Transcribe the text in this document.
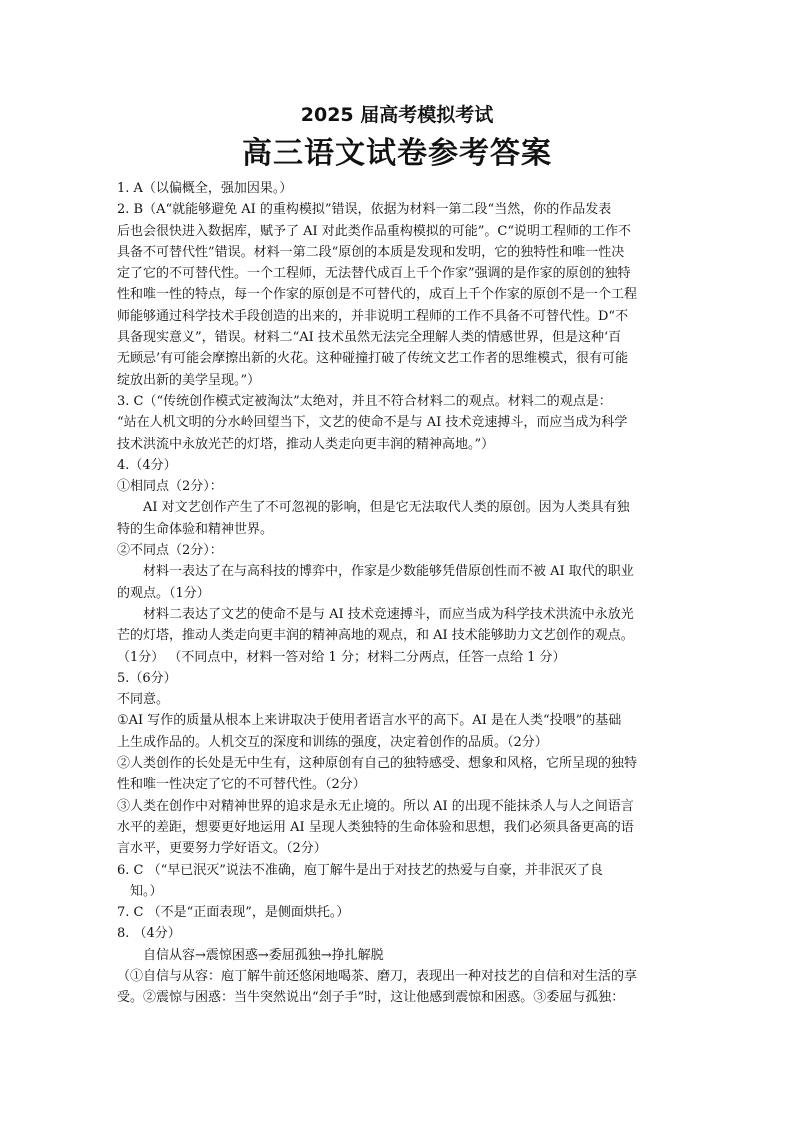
2025 届高考模拟考试
高三语文试卷参考答案

1. A（以偏概全，强加因果。）

2. B（A“就能够避免 AI 的重构模拟”错误，依据为材料一第二段“当然，你的作品发表

后也会很快进入数据库，赋予了 AI 对此类作品重构模拟的可能”。C“说明工程师的工作不

具备不可替代性”错误。材料一第二段“原创的本质是发现和发明，它的独特性和唯一性决

定了它的不可替代性。一个工程师，无法替代成百上千个作家”强调的是作家的原创的独特

性和唯一性的特点，每一个作家的原创是不可替代的，成百上千个作家的原创不是一个工程

师能够通过科学技术手段创造的出来的，并非说明工程师的工作不具备不可替代性。D“不

具备现实意义”，错误。材料二“AI 技术虽然无法完全理解人类的情感世界，但是这种‘百

无顾忌’有可能会摩擦出新的火花。这种碰撞打破了传统文艺工作者的思维模式，很有可能

绽放出新的美学呈现。”）

3. C（“传统创作模式定被淘汰”太绝对，并且不符合材料二的观点。材料二的观点是：

“站在人机文明的分水岭回望当下，文艺的使命不是与 AI 技术竞速搏斗，而应当成为科学

技术洪流中永放光芒的灯塔，推动人类走向更丰润的精神高地。”）

4.（4分）

①相同点（2分）：

AI 对文艺创作产生了不可忽视的影响，但是它无法取代人类的原创。因为人类具有独

特的生命体验和精神世界。

②不同点（2分）：

材料一表达了在与高科技的博弈中，作家是少数能够凭借原创性而不被 AI 取代的职业

的观点。（1分）

材料二表达了文艺的使命不是与 AI 技术竞速搏斗，而应当成为科学技术洪流中永放光

芒的灯塔，推动人类走向更丰润的精神高地的观点，和 AI 技术能够助力文艺创作的观点。

（1分） （不同点中，材料一答对给 1 分；材料二分两点，任答一点给 1 分）

5.（6分）

不同意。

①AI 写作的质量从根本上来讲取决于使用者语言水平的高下。AI 是在人类“投喂”的基础

上生成作品的。人机交互的深度和训练的强度，决定着创作的品质。（2分）

②人类创作的长处是无中生有，这种原创有自己的独特感受、想象和风格，它所呈现的独特

性和唯一性决定了它的不可替代性。（2分）

③人类在创作中对精神世界的追求是永无止境的。所以 AI 的出现不能抹杀人与人之间语言

水平的差距，想要更好地运用 AI 呈现人类独特的生命体验和思想，我们必须具备更高的语

言水平，更要努力学好语文。（2分）

6. C （“早已泯灭”说法不准确，庖丁解牛是出于对技艺的热爱与自豪，并非泯灭了良

知。）

7. C （不是“正面表现”，是侧面烘托。）

8. （4分）

自信从容→震惊困惑→委屈孤独→挣扎解脱

（①自信与从容：庖丁解牛前还悠闲地喝茶、磨刀，表现出一种对技艺的自信和对生活的享

受。②震惊与困惑：当牛突然说出“刽子手”时，这让他感到震惊和困惑。③委屈与孤独：
